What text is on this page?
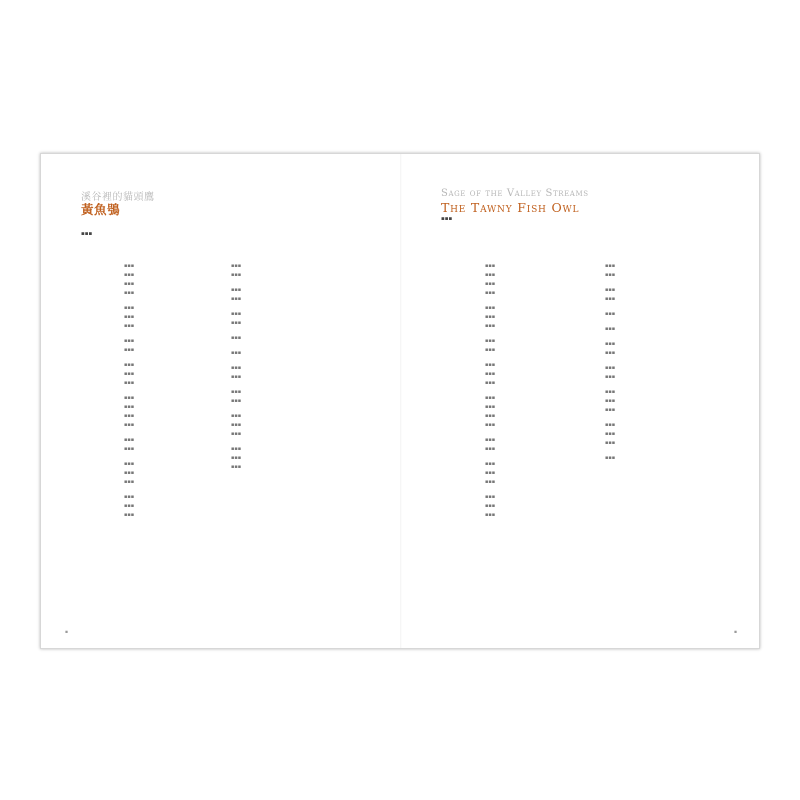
溪谷裡的貓頭鷹
黃魚鴞
▪▪▪
▪▪▪
▪▪▪
▪▪▪
▪▪▪
▪▪▪
▪▪▪
▪▪▪
▪▪▪
▪▪▪
▪▪▪
▪▪▪
▪▪▪
▪▪▪
▪▪▪
▪▪▪
▪▪▪
▪▪▪
▪▪▪
▪▪▪
▪▪▪
▪▪▪
▪▪▪
▪▪▪
▪▪▪
▪▪▪
▪▪▪
▪▪▪
▪▪▪
▪▪▪
▪▪▪
▪▪▪
▪▪▪
▪▪▪
▪▪▪
▪▪▪
▪▪▪
▪▪▪
▪▪▪
▪▪▪
▪▪▪
▪▪▪
▪▪▪
Sage of the Valley Streams
The Tawny Fish Owl
▪▪▪
▪▪▪
▪▪▪
▪▪▪
▪▪▪
▪▪▪
▪▪▪
▪▪▪
▪▪▪
▪▪▪
▪▪▪
▪▪▪
▪▪▪
▪▪▪
▪▪▪
▪▪▪
▪▪▪
▪▪▪
▪▪▪
▪▪▪
▪▪▪
▪▪▪
▪▪▪
▪▪▪
▪▪▪
▪▪▪
▪▪▪
▪▪▪
▪▪▪
▪▪▪
▪▪▪
▪▪▪
▪▪▪
▪▪▪
▪▪▪
▪▪▪
▪▪▪
▪▪▪
▪▪▪
▪▪▪
▪▪▪
▪▪▪
▪	▪
